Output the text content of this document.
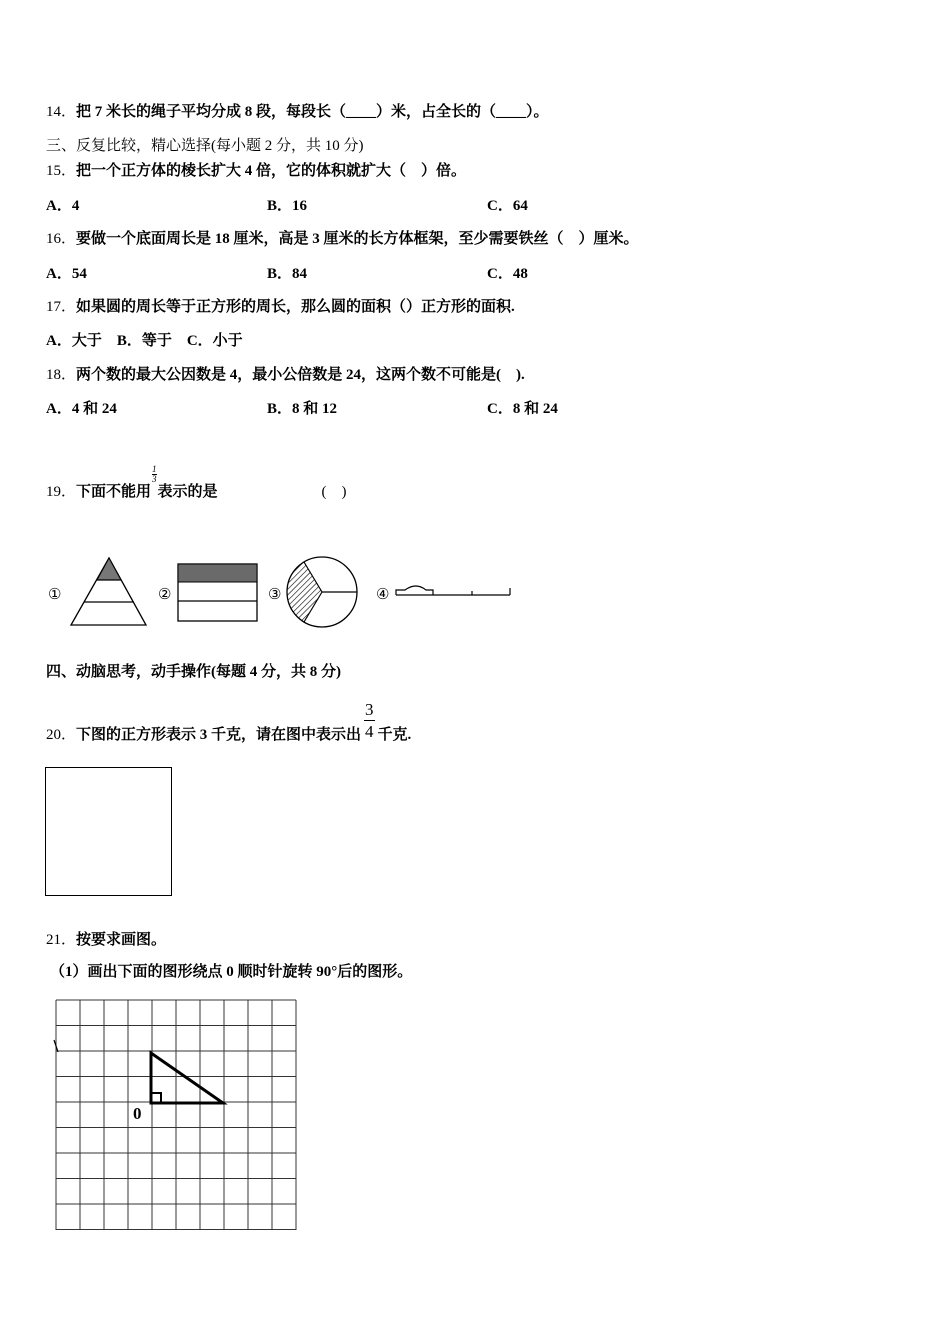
14．把 7 米长的绳子平均分成 8 段，每段长（____）米，占全长的（____）。
三、反复比较，精心选择(每小题 2 分，共 10 分)
15．把一个正方体的棱长扩大 4 倍，它的体积就扩大（　）倍。
A．4	B．16	C．64
16．要做一个底面周长是 18 厘米，高是 3 厘米的长方体框架，至少需要铁丝（　）厘米。
A．54	B．84	C．48
17．如果圆的周长等于正方形的周长，那么圆的面积（）正方形的面积.
A．大于　B．等于　C．小于
18．两个数的最大公因数是 4，最小公倍数是 24，这两个数不可能是(　).
A．4 和 24	B．8 和 12	C．8 和 24
19．下面不能用
$\frac{1}{3}$
表示的是	(　)
①	②	③	④
四、动脑思考，动手操作(每题 4 分，共 8 分)
20．下图的正方形表示 3 千克，请在图中表示出 $\frac{3}{4}$ 千克.
21．按要求画图。
（1）画出下面的图形绕点 0 顺时针旋转 90°后的图形。
0
